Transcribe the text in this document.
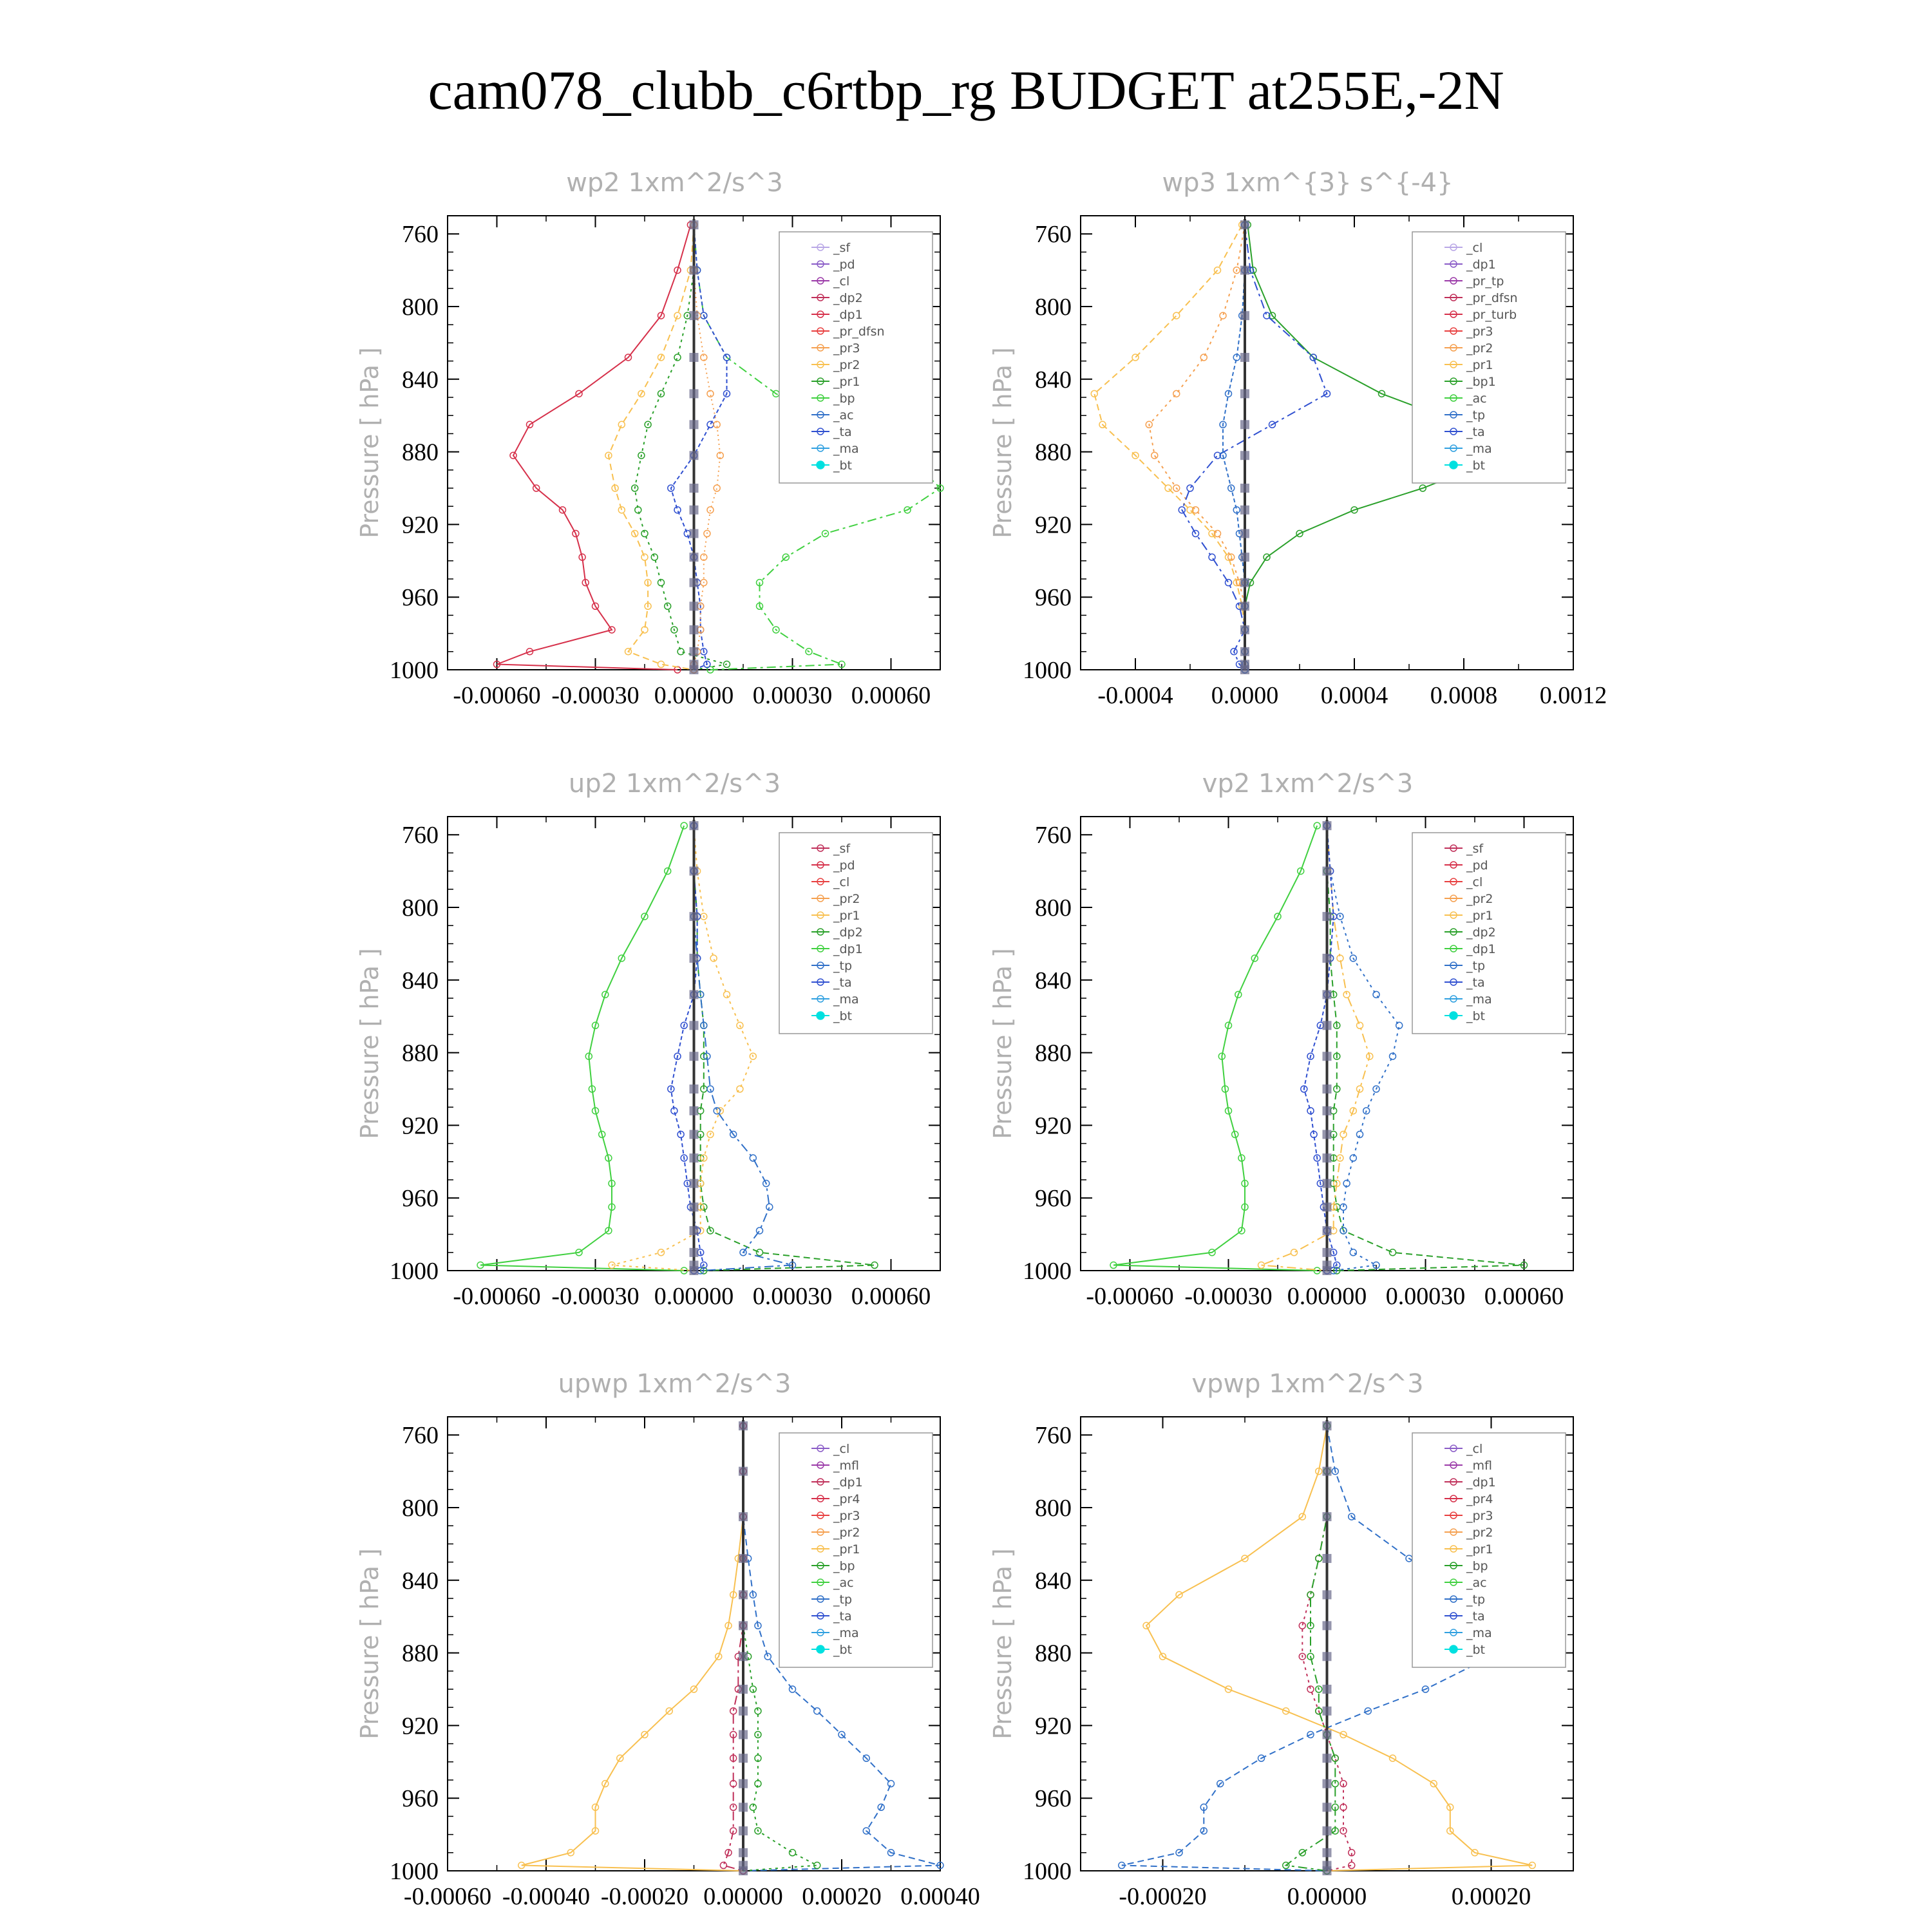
cam078_clubb_c6rtbp_rg BUDGET at255E,-2N
wp2 1xm^2/s^3
Pressure [ hPa ]
760
800
840
880
920
960
1000
-0.00060 -0.00030 0.00000 0.00030 0.00060
_sf
_pd
_cl
_dp2
_dp1
_pr_dfsn
_pr3
_pr2
_pr1
_bp
_ac
_ta
_ma
_bt
wp3 1xm^{3} s^{-4}
Pressure [ hPa ]
760
800
840
880
920
960
1000
-0.0004 0.0000 0.0004 0.0008 0.0012
_cl
_dp1
_pr_tp
_pr_dfsn
_pr_turb
_pr3
_pr2
_pr1
_bp1
_ac
_tp
_ta
_ma
_bt
up2 1xm^2/s^3
Pressure [ hPa ]
760
800
840
880
920
960
1000
-0.00060 -0.00030 0.00000 0.00030 0.00060
_sf
_pd
_cl
_pr2
_pr1
_dp2
_dp1
_tp
_ta
_ma
_bt
vp2 1xm^2/s^3
Pressure [ hPa ]
760
800
840
880
920
960
1000
-0.00060 -0.00030 0.00000 0.00030 0.00060
_sf
_pd
_cl
_pr2
_pr1
_dp2
_dp1
_tp
_ta
_ma
_bt
upwp 1xm^2/s^3
Pressure [ hPa ]
760
800
840
880
920
960
1000
-0.00060 -0.00040 -0.00020 0.00000 0.00020 0.00040
_cl
_mfl
_dp1
_pr4
_pr3
_pr2
_pr1
_bp
_ac
_tp
_ta
_ma
_bt
vpwp 1xm^2/s^3
Pressure [ hPa ]
760
800
840
880
920
960
1000
-0.00020	0.00000	0.00020
_cl
_mfl
_dp1
_pr4
_pr3
_pr2
_pr1
_bp
_ac
_tp
_ta
_ma
_bt
